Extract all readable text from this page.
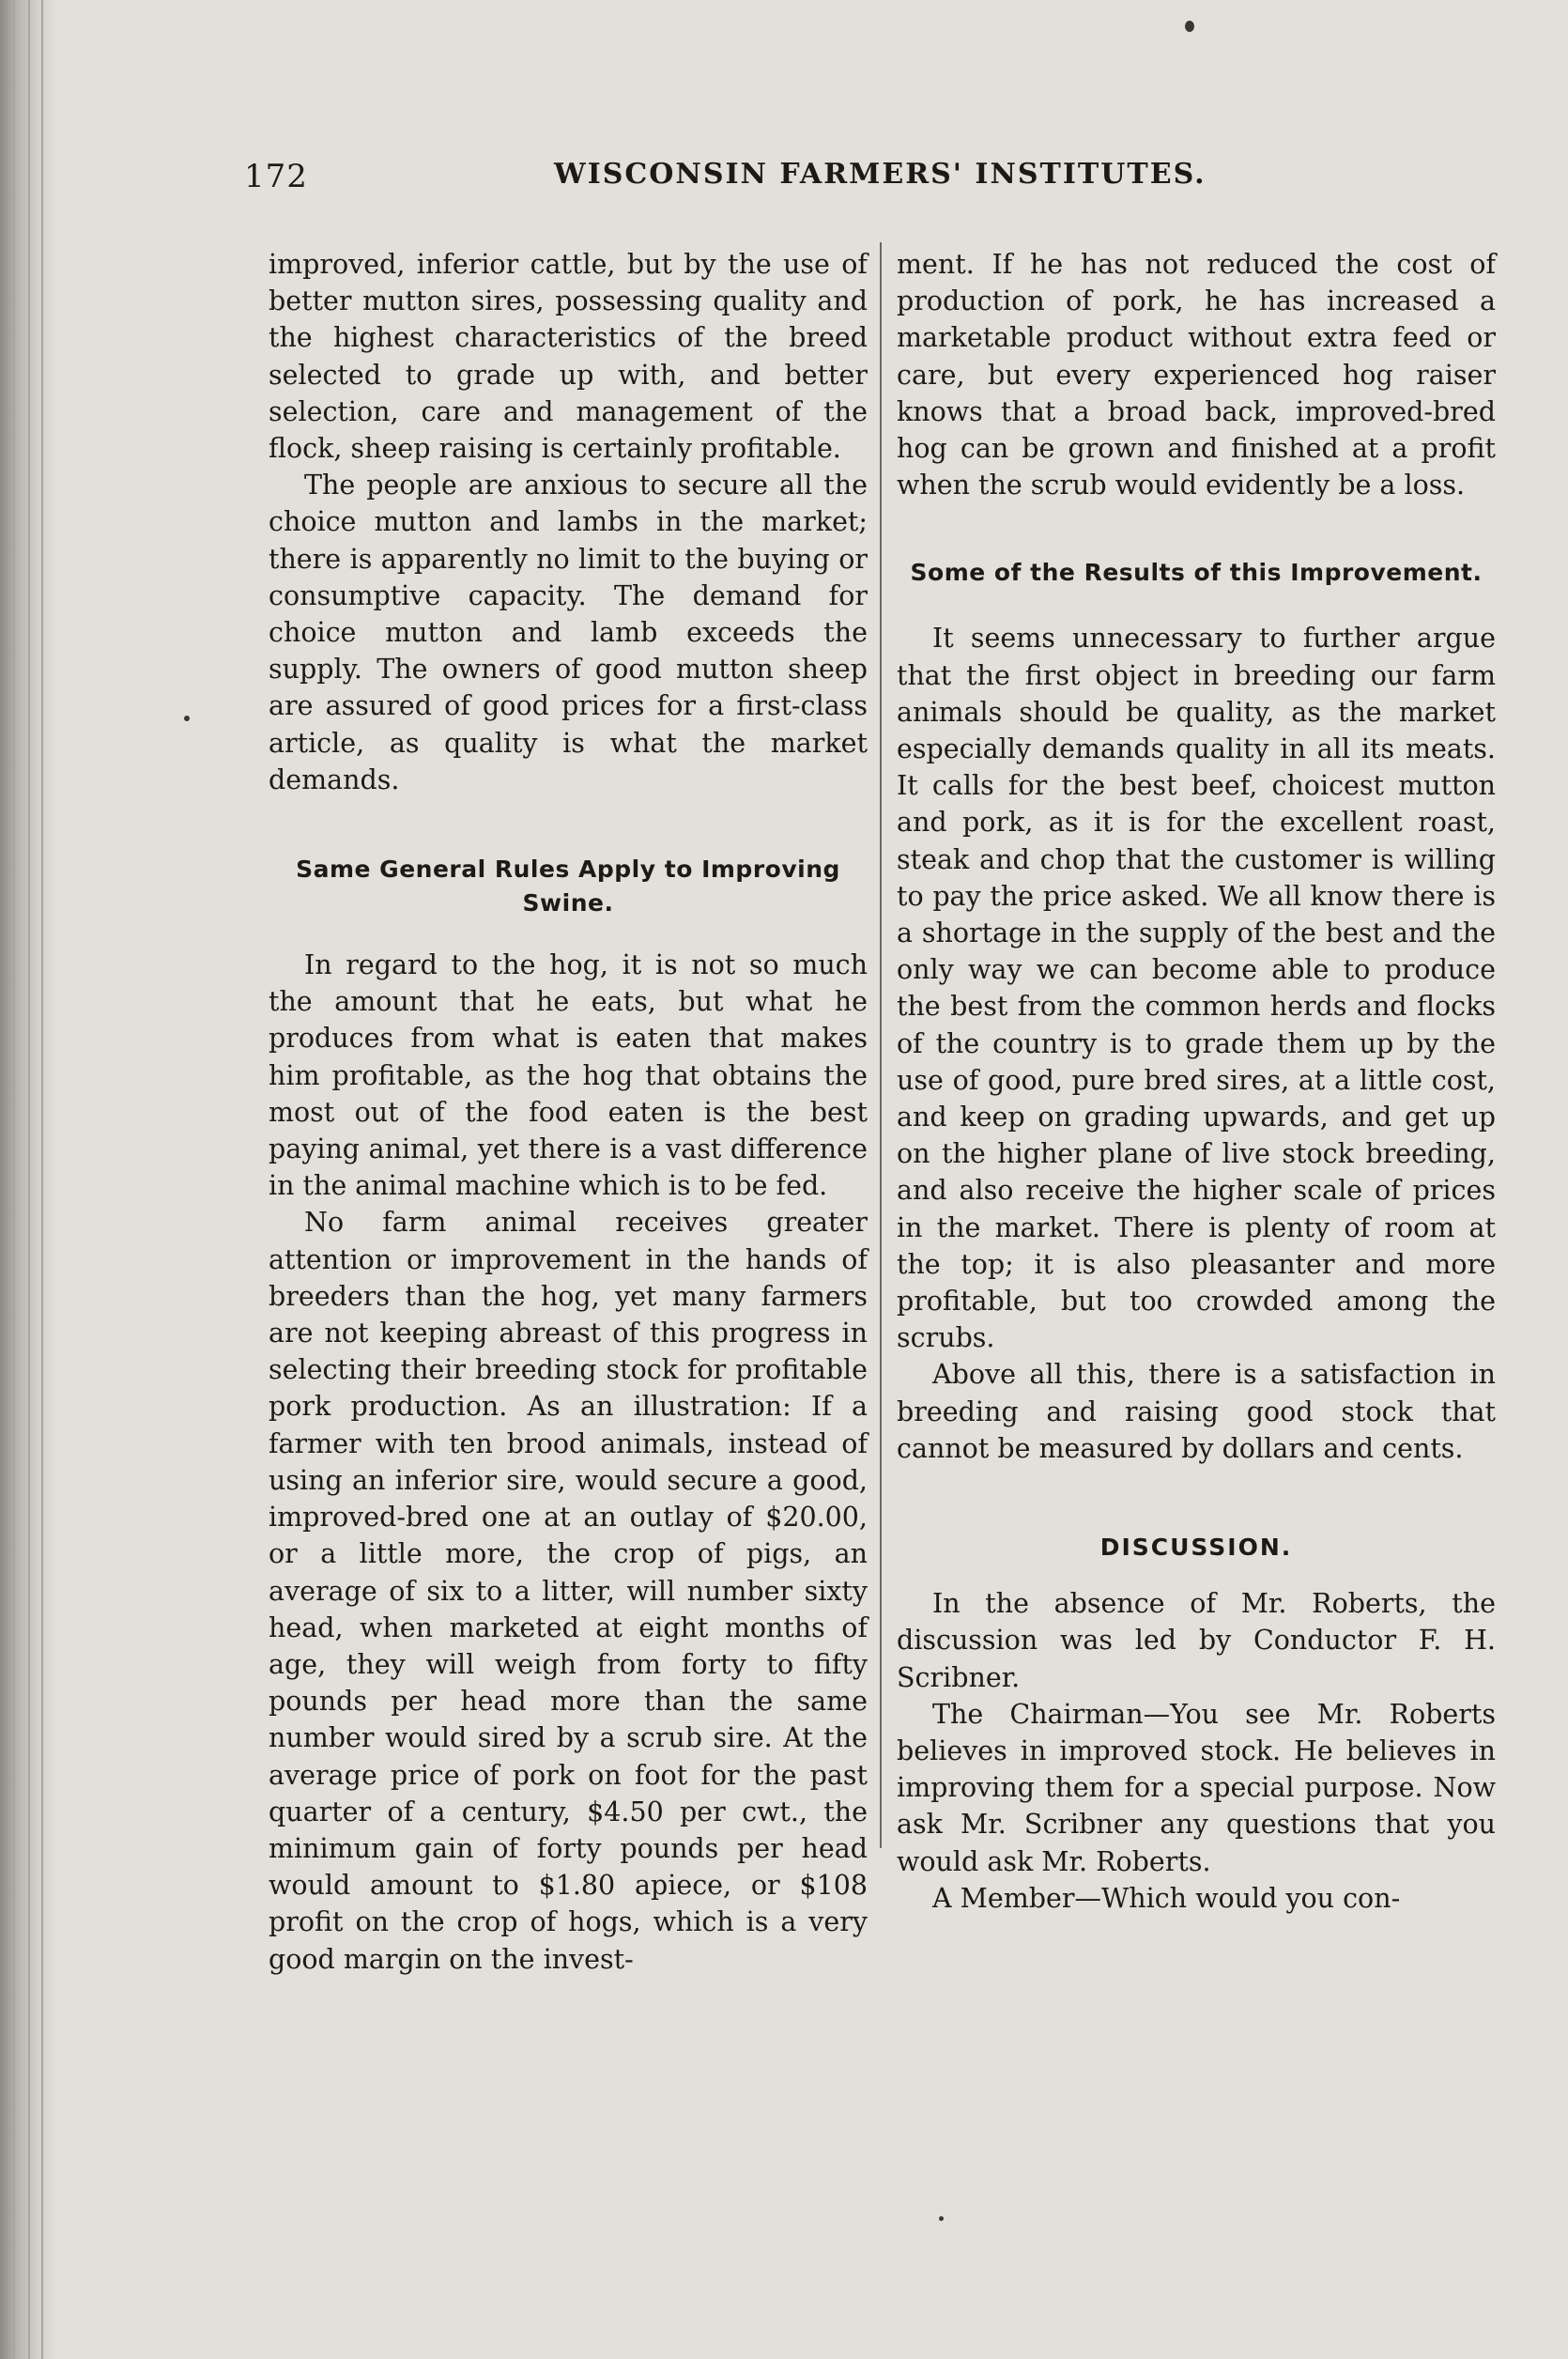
172	WISCONSIN FARMERS' INSTITUTES.

improved, inferior cattle, but by the use of better mutton sires, possessing quality and the highest characteristics of the breed selected to grade up with, and better selection, care and management of the flock, sheep raising is certainly profitable.

The people are anxious to secure all the choice mutton and lambs in the market; there is apparently no limit to the buying or consumptive capacity. The demand for choice mutton and lamb exceeds the supply. The owners of good mutton sheep are assured of good prices for a first-class article, as quality is what the market demands.

Same General Rules Apply to Improving Swine.

In regard to the hog, it is not so much the amount that he eats, but what he produces from what is eaten that makes him profitable, as the hog that obtains the most out of the food eaten is the best paying animal, yet there is a vast difference in the animal machine which is to be fed.

No farm animal receives greater attention or improvement in the hands of breeders than the hog, yet many farmers are not keeping abreast of this progress in selecting their breeding stock for profitable pork production. As an illustration: If a farmer with ten brood animals, instead of using an inferior sire, would secure a good, improved-bred one at an outlay of $20.00, or a little more, the crop of pigs, an average of six to a litter, will number sixty head, when marketed at eight months of age, they will weigh from forty to fifty pounds per head more than the same number would sired by a scrub sire. At the average price of pork on foot for the past quarter of a century, $4.50 per cwt., the minimum gain of forty pounds per head would amount to $1.80 apiece, or $108 profit on the crop of hogs, which is a very good margin on the invest-

ment. If he has not reduced the cost of production of pork, he has increased a marketable product without extra feed or care, but every experienced hog raiser knows that a broad back, improved-bred hog can be grown and finished at a profit when the scrub would evidently be a loss.

Some of the Results of this Improvement.

It seems unnecessary to further argue that the first object in breeding our farm animals should be quality, as the market especially demands quality in all its meats. It calls for the best beef, choicest mutton and pork, as it is for the excellent roast, steak and chop that the customer is willing to pay the price asked. We all know there is a shortage in the supply of the best and the only way we can become able to produce the best from the common herds and flocks of the country is to grade them up by the use of good, pure bred sires, at a little cost, and keep on grading upwards, and get up on the higher plane of live stock breeding, and also receive the higher scale of prices in the market. There is plenty of room at the top; it is also pleasanter and more profitable, but too crowded among the scrubs.

Above all this, there is a satisfaction in breeding and raising good stock that cannot be measured by dollars and cents.

DISCUSSION.

In the absence of Mr. Roberts, the discussion was led by Conductor F. H. Scribner.

The Chairman—You see Mr. Roberts believes in improved stock. He believes in improving them for a special purpose. Now ask Mr. Scribner any questions that you would ask Mr. Roberts.

A Member—Which would you con-
